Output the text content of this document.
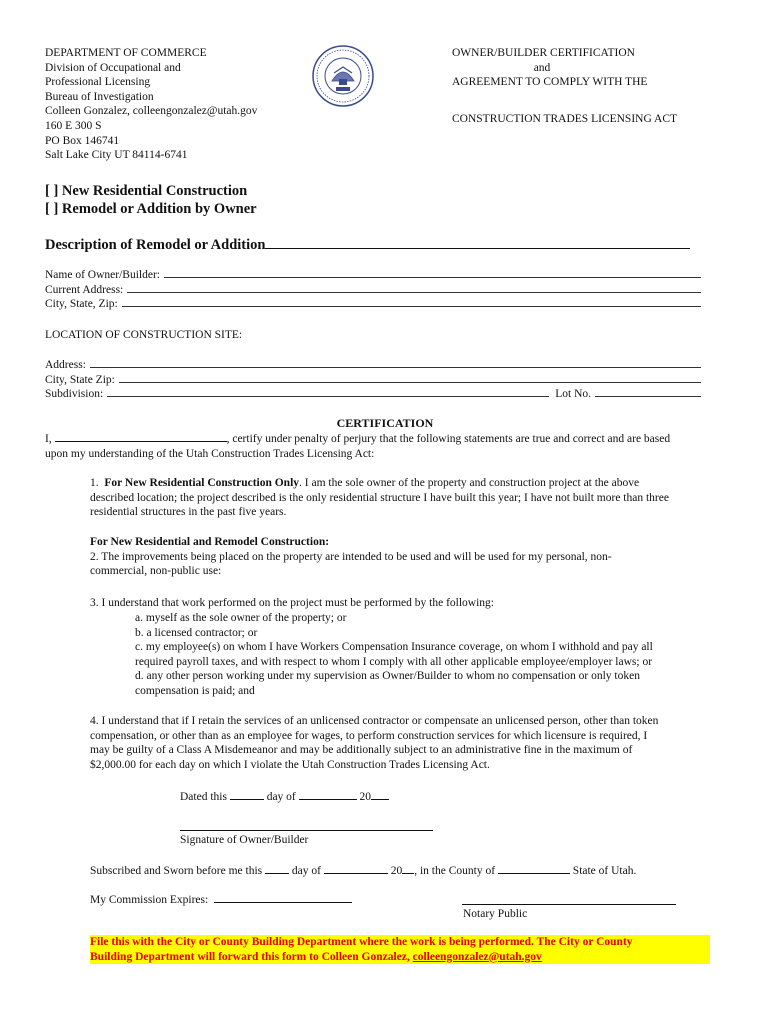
DEPARTMENT OF COMMERCE
Division of Occupational and
Professional Licensing
Bureau of Investigation
Colleen Gonzalez, colleengonzalez@utah.gov
160 E 300 S
PO Box 146741
Salt Lake City UT 84114-6741
OWNER/BUILDER CERTIFICATION
and
AGREEMENT TO COMPLY WITH THE
CONSTRUCTION TRADES LICENSING ACT
[ ] New Residential Construction
[ ] Remodel or Addition by Owner
Description of Remodel or Addition
Name of Owner/Builder:
Current Address:
City, State, Zip:
LOCATION OF CONSTRUCTION SITE:
Address:
City, State Zip:
Subdivision:
	Lot No.
CERTIFICATION
I,	, certify under penalty of perjury that the following statements are true and correct and are based
upon my understanding of the Utah Construction Trades Licensing Act:
1. For New Residential Construction Only. I am the sole owner of the property and construction project at the above
described location; the project described is the only residential structure I have built this year; I have not built more than three
residential structures in the past five years.
For New Residential and Remodel Construction:
2. The improvements being placed on the property are intended to be used and will be used for my personal, non-
commercial, non-public use:
3. I understand that work performed on the project must be performed by the following:
a. myself as the sole owner of the property; or
b. a licensed contractor; or
c. my employee(s) on whom I have Workers Compensation Insurance coverage, on whom I withhold and pay all
required payroll taxes, and with respect to whom I comply with all other applicable employee/employer laws; or
d. any other person working under my supervision as Owner/Builder to whom no compensation or only token
compensation is paid; and
4. I understand that if I retain the services of an unlicensed contractor or compensate an unlicensed person, other than token
compensation, or other than as an employee for wages, to perform construction services for which licensure is required, I
may be guilty of a Class A Misdemeanor and may be additionally subject to an administrative fine in the maximum of
$2,000.00 for each day on which I violate the Utah Construction Trades Licensing Act.
Dated this	day of	20
Signature of Owner/Builder
Subscribed and Sworn before me this  day of	20 , in the County of	State of Utah.
My Commission Expires:
Notary Public
File this with the City or County Building Department where the work is being performed. The City or County
Building Department will forward this form to Colleen Gonzalez, colleengonzalez@utah.gov
